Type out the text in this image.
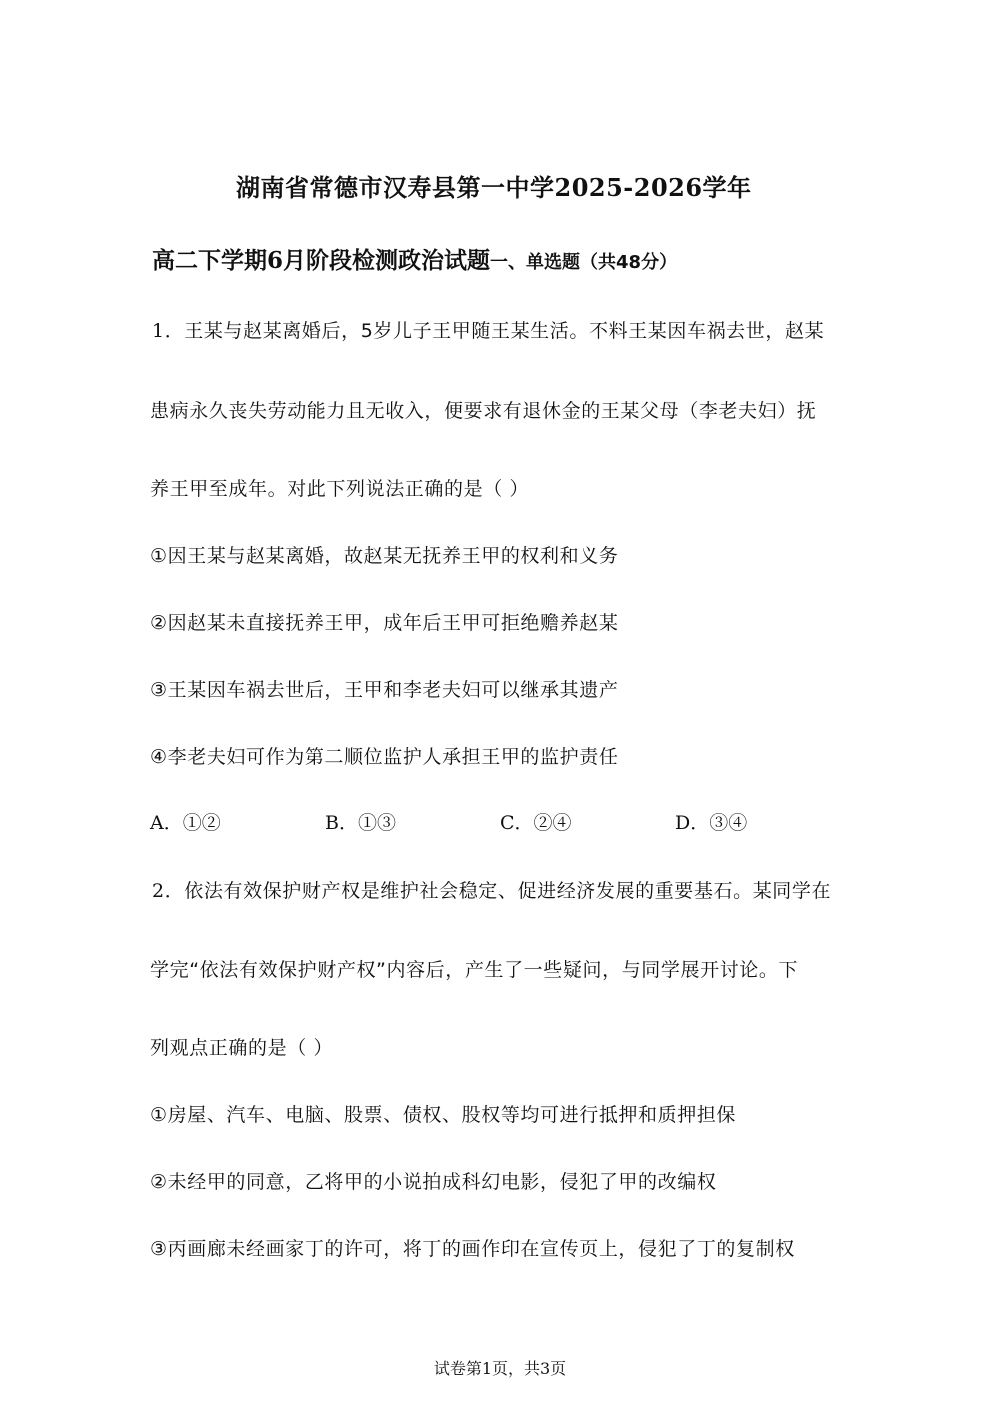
湖南省常德市汉寿县第一中学2025-2026学年
高二下学期6月阶段检测政治试题一、单选题（共48分）
1．王某与赵某离婚后，5岁儿子王甲随王某生活。不料王某因车祸去世，赵某
患病永久丧失劳动能力且无收入，便要求有退休金的王某父母（李老夫妇）抚
养王甲至成年。对此下列说法正确的是（ ）
①因王某与赵某离婚，故赵某无抚养王甲的权利和义务
②因赵某未直接抚养王甲，成年后王甲可拒绝赡养赵某
③王某因车祸去世后，王甲和李老夫妇可以继承其遗产
④李老夫妇可作为第二顺位监护人承担王甲的监护责任
A．①②	B．①③	C．②④	D．③④
2．依法有效保护财产权是维护社会稳定、促进经济发展的重要基石。某同学在
学完“依法有效保护财产权”内容后，产生了一些疑问，与同学展开讨论。下
列观点正确的是（ ）
①房屋、汽车、电脑、股票、债权、股权等均可进行抵押和质押担保
②未经甲的同意，乙将甲的小说拍成科幻电影，侵犯了甲的改编权
③丙画廊未经画家丁的许可，将丁的画作印在宣传页上，侵犯了丁的复制权
试卷第1页，共3页
